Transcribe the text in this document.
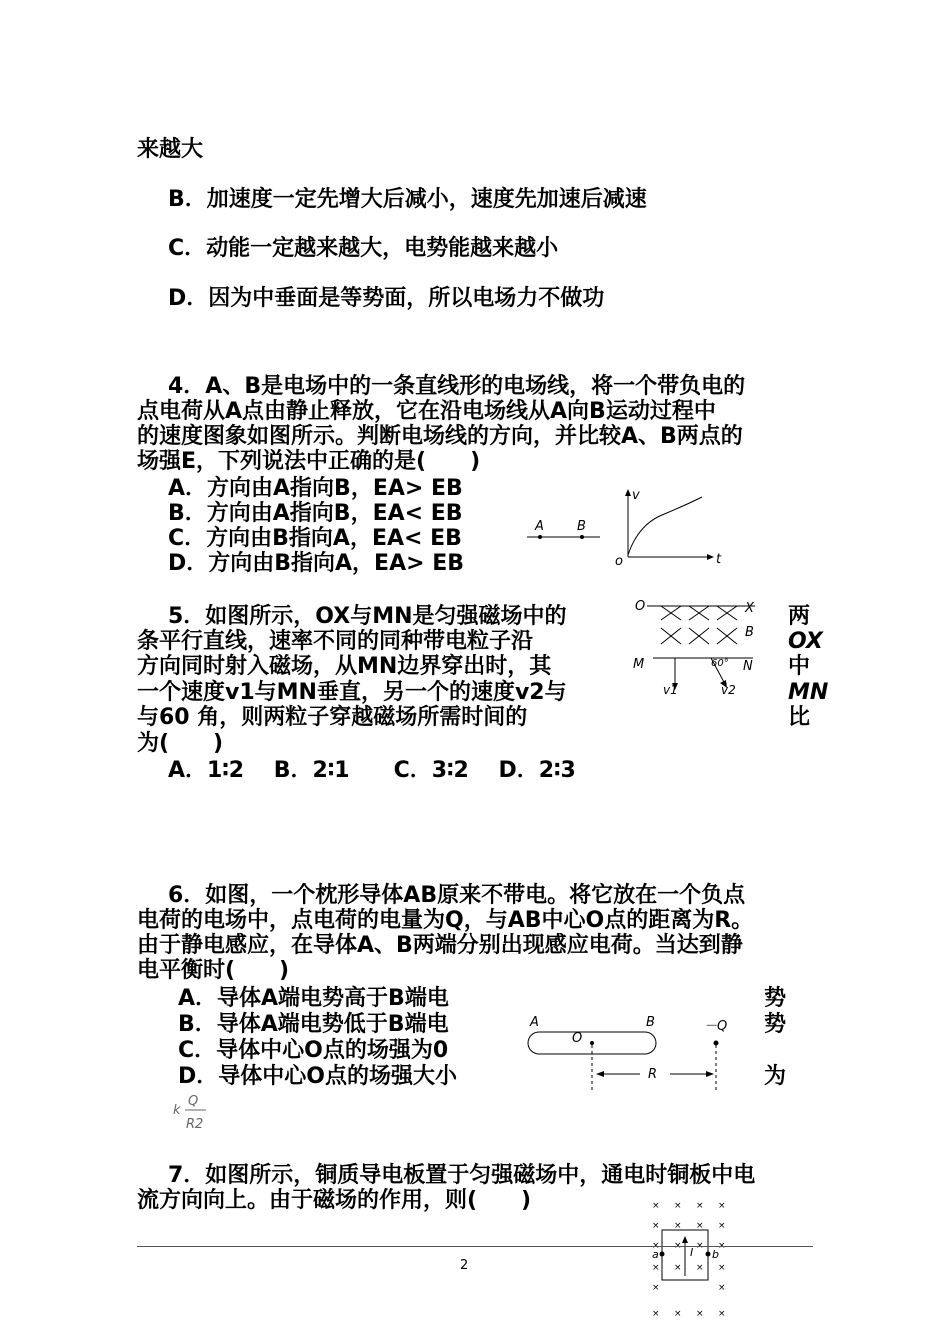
来越大
B．加速度一定先增大后减小，速度先加速后减速
C．动能一定越来越大，电势能越来越小
D．因为中垂面是等势面，所以电场力不做功
4．A、B是电场中的一条直线形的电场线，将一个带负电的
点电荷从A点由静止释放，它在沿电场线从A向B运动过程中
的速度图象如图所示。判断电场线的方向，并比较A、B两点的
场强E，下列说法中正确的是(　　)
A．方向由A指向B，EA> EB
B．方向由A指向B，EA< EB
C．方向由B指向A，EA< EB
D．方向由B指向A，EA> EB
A	B
v
t
o
5．如图所示，OX与MN是匀强磁场中的
条平行直线，速率不同的同种带电粒子沿
方向同时射入磁场，从MN边界穿出时，其
一个速度v1与MN垂直，另一个的速度v2与
与60 角，则两粒子穿越磁场所需时间的
为(　　)
两
OX
中
MN
比
A．1∶2　 B．2∶1　　C．3∶2　 D．2∶3
O	X
B
M	N
60°
v1	v2
6．如图，一个枕形导体AB原来不带电。将它放在一个负点
电荷的电场中，点电荷的电量为Q，与AB中心O点的距离为R。
由于静电感应，在导体A、B两端分别出现感应电荷。当达到静
电平衡时(　　)
A．导体A端电势高于B端电
B．导体A端电势低于B端电
C．导体中心O点的场强为0
D．导体中心O点的场强大小
势
势
为
k
Q
R2
A	B	－Q
O
R
7．如图所示，铜质导电板置于匀强磁场中，通电时铜板中电
流方向向上。由于磁场的作用，则(　　)	× × × ×
× × × ×
× × × ×
× × × ×
×	×
× × × ×
a	b
I
2
